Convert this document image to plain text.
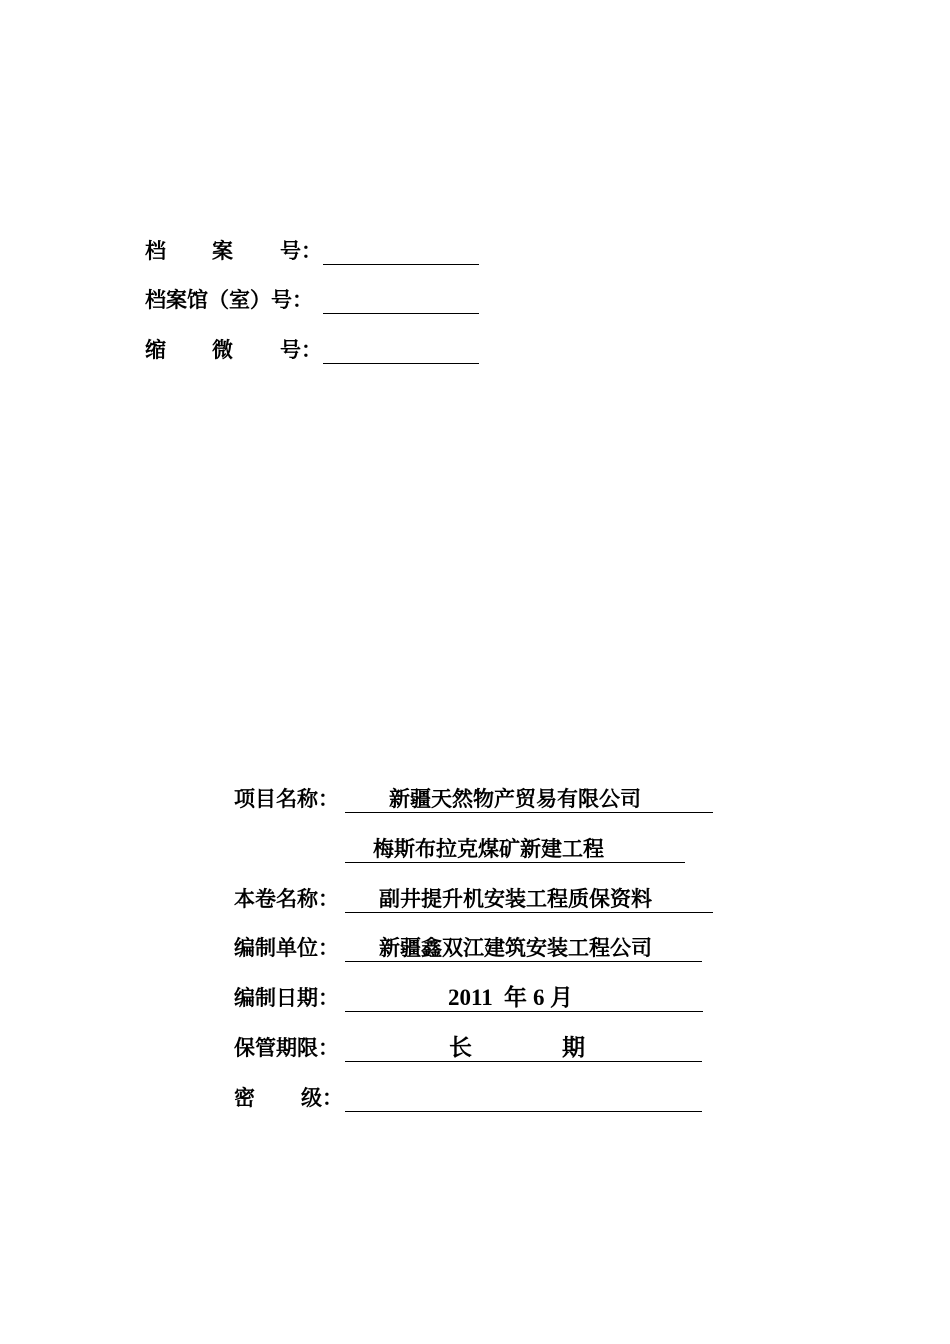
档 案 号：
档案馆（室）号：
缩 微 号：
项目名称： 新疆天然物产贸易有限公司
梅斯布拉克煤矿新建工程
本卷名称： 副井提升机安装工程质保资料
编制单位： 新疆鑫双江建筑安装工程公司
编制日期：	2011 年 6 月
保管期限：	长	期
密 级：
